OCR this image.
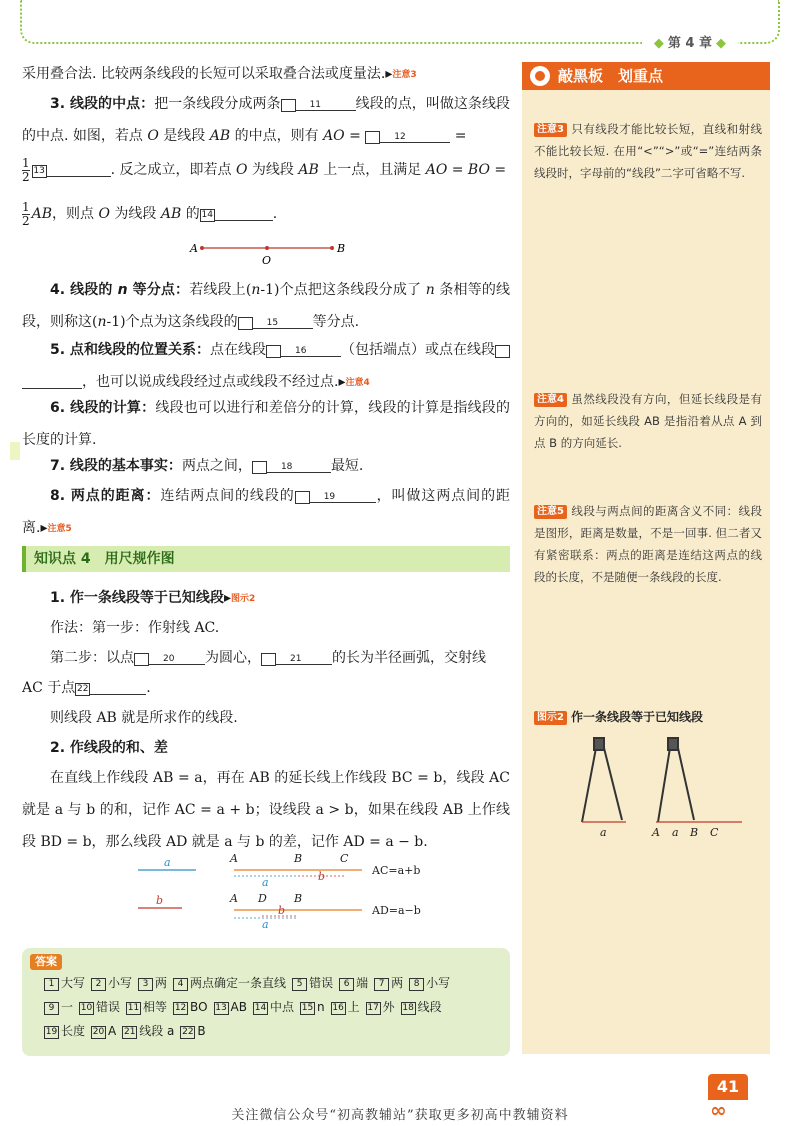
◆ 第 4 章 ◆
采用叠合法. 比较两条线段的长短可以采取叠合法或度量法.▸注意3
3. 线段的中点：把一条线段分成两条	11 线段的点，叫做这条线段的中点. 如图，若点 O 是线段 AB 的中点，则有 AO =	12	=
$\frac{1}{2} 13$	. 反之成立，即若点 O 为线段 AB 上一点，且满足 AO = BO =
$\frac{1}{2}$ AB，则点 O 为线段 AB 的 14	.
A
O
B
4. 线段的 n 等分点：若线段上(n-1)个点把这条线段分成了 n 条相等的线段，则称这(n-1)个点为这条线段的	15 等分点.
5. 点和线段的位置关系：点在线段	16 （包括端点）或点在线段，也可以说成线段经过点或线段不经过点.▸注意4
6. 线段的计算：线段也可以进行和差倍分的计算，线段的计算是指线段的长度的计算.
7. 线段的基本事实：两点之间，	18	最短.
8. 两点的距离：连结两点间的线段的	19	，叫做这两点间的距离.▸注意5
1. 作一条线段等于已知线段▸图示2
作法：第一步：作射线 AC.
第二步：以点	20 为圆心，	21 的长为半径画弧，交射线
AC 于点 22	.
则线段 AB 就是所求作的线段.
2. 作线段的和、差
在直线上作线段 AB = a，再在 AB 的延长线上作线段 BC = b，线段 AC 就是 a 与 b 的和，记作 AC = a + b；设线段 a > b，如果在线段 AB 上作线段 BD = b，那么线段 AD 就是 a 与 b 的差，记作 AD = a − b.
a
b
A	B	C
a	b	AC=a+b
A D B
a
b	AD=a−b
知识点 4　用尺规作图
答案
1 大写 2 小写 3 两 4 两点确定一条直线 5 错误 6 端 7 两 8 小写
9 一 10 错误 11 相等 12 BO 13 AB 14 中点 15 n 16 上 17 外 18 线段
19 长度 20 A 21 线段 a 22 B
敲黑板　划重点
注意3 只有线段才能比较长短，直线和射线不能比较长短. 在用“<”“>”或“=”连结两条线段时，字母前的“线段”二字可省略不写.
注意4 虽然线段没有方向，但延长线段是有方向的，如延长线段 AB 是指沿着从点 A 到点 B 的方向延长.
注意5 线段与两点间的距离含义不同：线段是图形，距离是数量，不是一回事. 但二者又有紧密联系：两点的距离是连结这两点的线段的长度，不是随便一条线段的长度.
图示2 作一条线段等于已知线段
a	A a B C
41
∞
关注微信公众号“初高教辅站”获取更多初高中教辅资料
